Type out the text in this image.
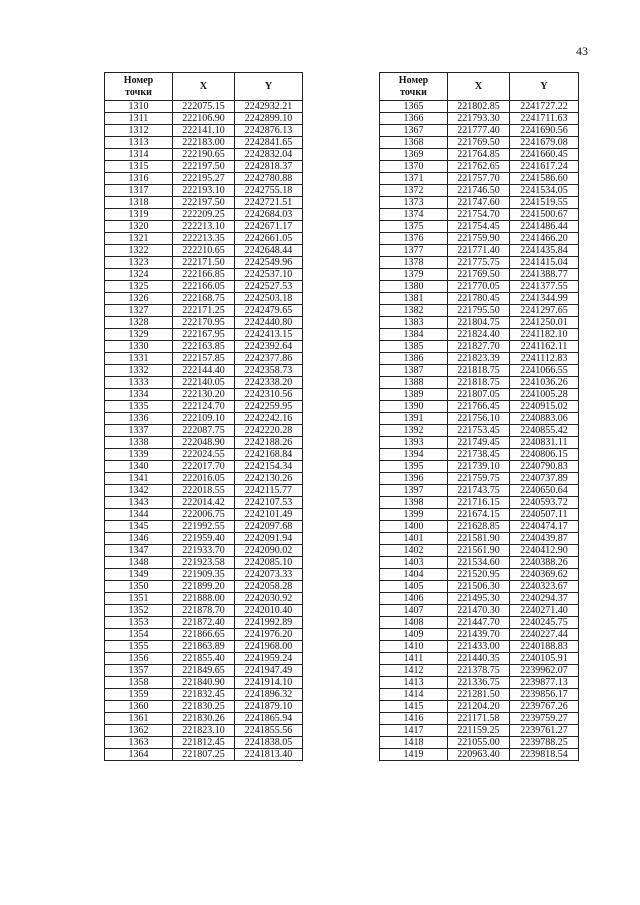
43
Номер
точки	X	Y
1310	222075.15	2242932.21
1311	222106.90	2242899.10
1312	222141.10	2242876.13
1313	222183.00	2242841.65
1314	222190.65	2242832.04
1315	222197.50	2242818.37
1316	222195.27	2242780.88
1317	222193.10	2242755.18
1318	222197.50	2242721.51
1319	222209.25	2242684.03
1320	222213.10	2242671.17
1321	222213.35	2242661.05
1322	222210.65	2242648.44
1323	222171.50	2242549.96
1324	222166.85	2242537.10
1325	222166.05	2242527.53
1326	222168.75	2242503.18
1327	222171.25	2242479.65
1328	222170.95	2242440.80
1329	222167.95	2242413.15
1330	222163.85	2242392.64
1331	222157.85	2242377.86
1332	222144.40	2242358.73
1333	222140.05	2242338.20
1334	222130.20	2242310.56
1335	222124.70	2242259.95
1336	222109.10	2242242.16
1337	222087.75	2242220.28
1338	222048.90	2242188.26
1339	222024.55	2242168.84
1340	222017.70	2242154.34
1341	222016.05	2242130.26
1342	222018.55	2242115.77
1343	222014.42	2242107.53
1344	222006.75	2242101.49
1345	221992.55	2242097.68
1346	221959.40	2242091.94
1347	221933.70	2242090.02
1348	221923.58	2242085.10
1349	221909.35	2242073.33
1350	221899.20	2242058.28
1351	221888.00	2242030.92
1352	221878.70	2242010.40
1353	221872.40	2241992.89
1354	221866.65	2241976.20
1355	221863.89	2241968.00
1356	221855.40	2241959.24
1357	221849.65	2241947.49
1358	221840.90	2241914.10
1359	221832.45	2241896.32
1360	221830.25	2241879.10
1361	221830.26	2241865.94
1362	221823.10	2241855.56
1363	221812.45	2241838.05
1364	221807.25	2241813.40
Номер
точки	X	Y
1365	221802.85	2241727.22
1366	221793.30	2241711.63
1367	221777.40	2241690.56
1368	221769.50	2241679.08
1369	221764.85	2241660.45
1370	221762.65	2241617.24
1371	221757.70	2241586.60
1372	221746.50	2241534.05
1373	221747.60	2241519.55
1374	221754.70	2241500.67
1375	221754.45	2241486.44
1376	221759.90	2241466.20
1377	221771.40	2241435.84
1378	221775.75	2241415.04
1379	221769.50	2241388.77
1380	221770.05	2241377.55
1381	221780.45	2241344.99
1382	221795.50	2241297.65
1383	221804.75	2241250.01
1384	221824.40	2241182.10
1385	221827.70	2241162.11
1386	221823.39	2241112.83
1387	221818.75	2241066.55
1388	221818.75	2241036.26
1389	221807.05	2241005.28
1390	221766.45	2240915.02
1391	221756.10	2240883.06
1392	221753.45	2240855.42
1393	221749.45	2240831.11
1394	221738.45	2240806.15
1395	221739.10	2240790.83
1396	221759.75	2240737.89
1397	221743.75	2240650.64
1398	221716.15	2240593.72
1399	221674.15	2240507.11
1400	221628.85	2240474.17
1401	221581.90	2240439.87
1402	221561.90	2240412.90
1403	221534.60	2240388.26
1404	221520.95	2240369.62
1405	221506.30	2240323.67
1406	221495.30	2240294.37
1407	221470.30	2240271.40
1408	221447.70	2240245.75
1409	221439.70	2240227.44
1410	221433.00	2240188.83
1411	221440.35	2240105.91
1412	221378.75	2239962.07
1413	221336.75	2239877.13
1414	221281.50	2239856.17
1415	221204.20	2239767.26
1416	221171.58	2239759.27
1417	221159.25	2239761.27
1418	221055.00	2239788.25
1419	220963.40	2239818.54
